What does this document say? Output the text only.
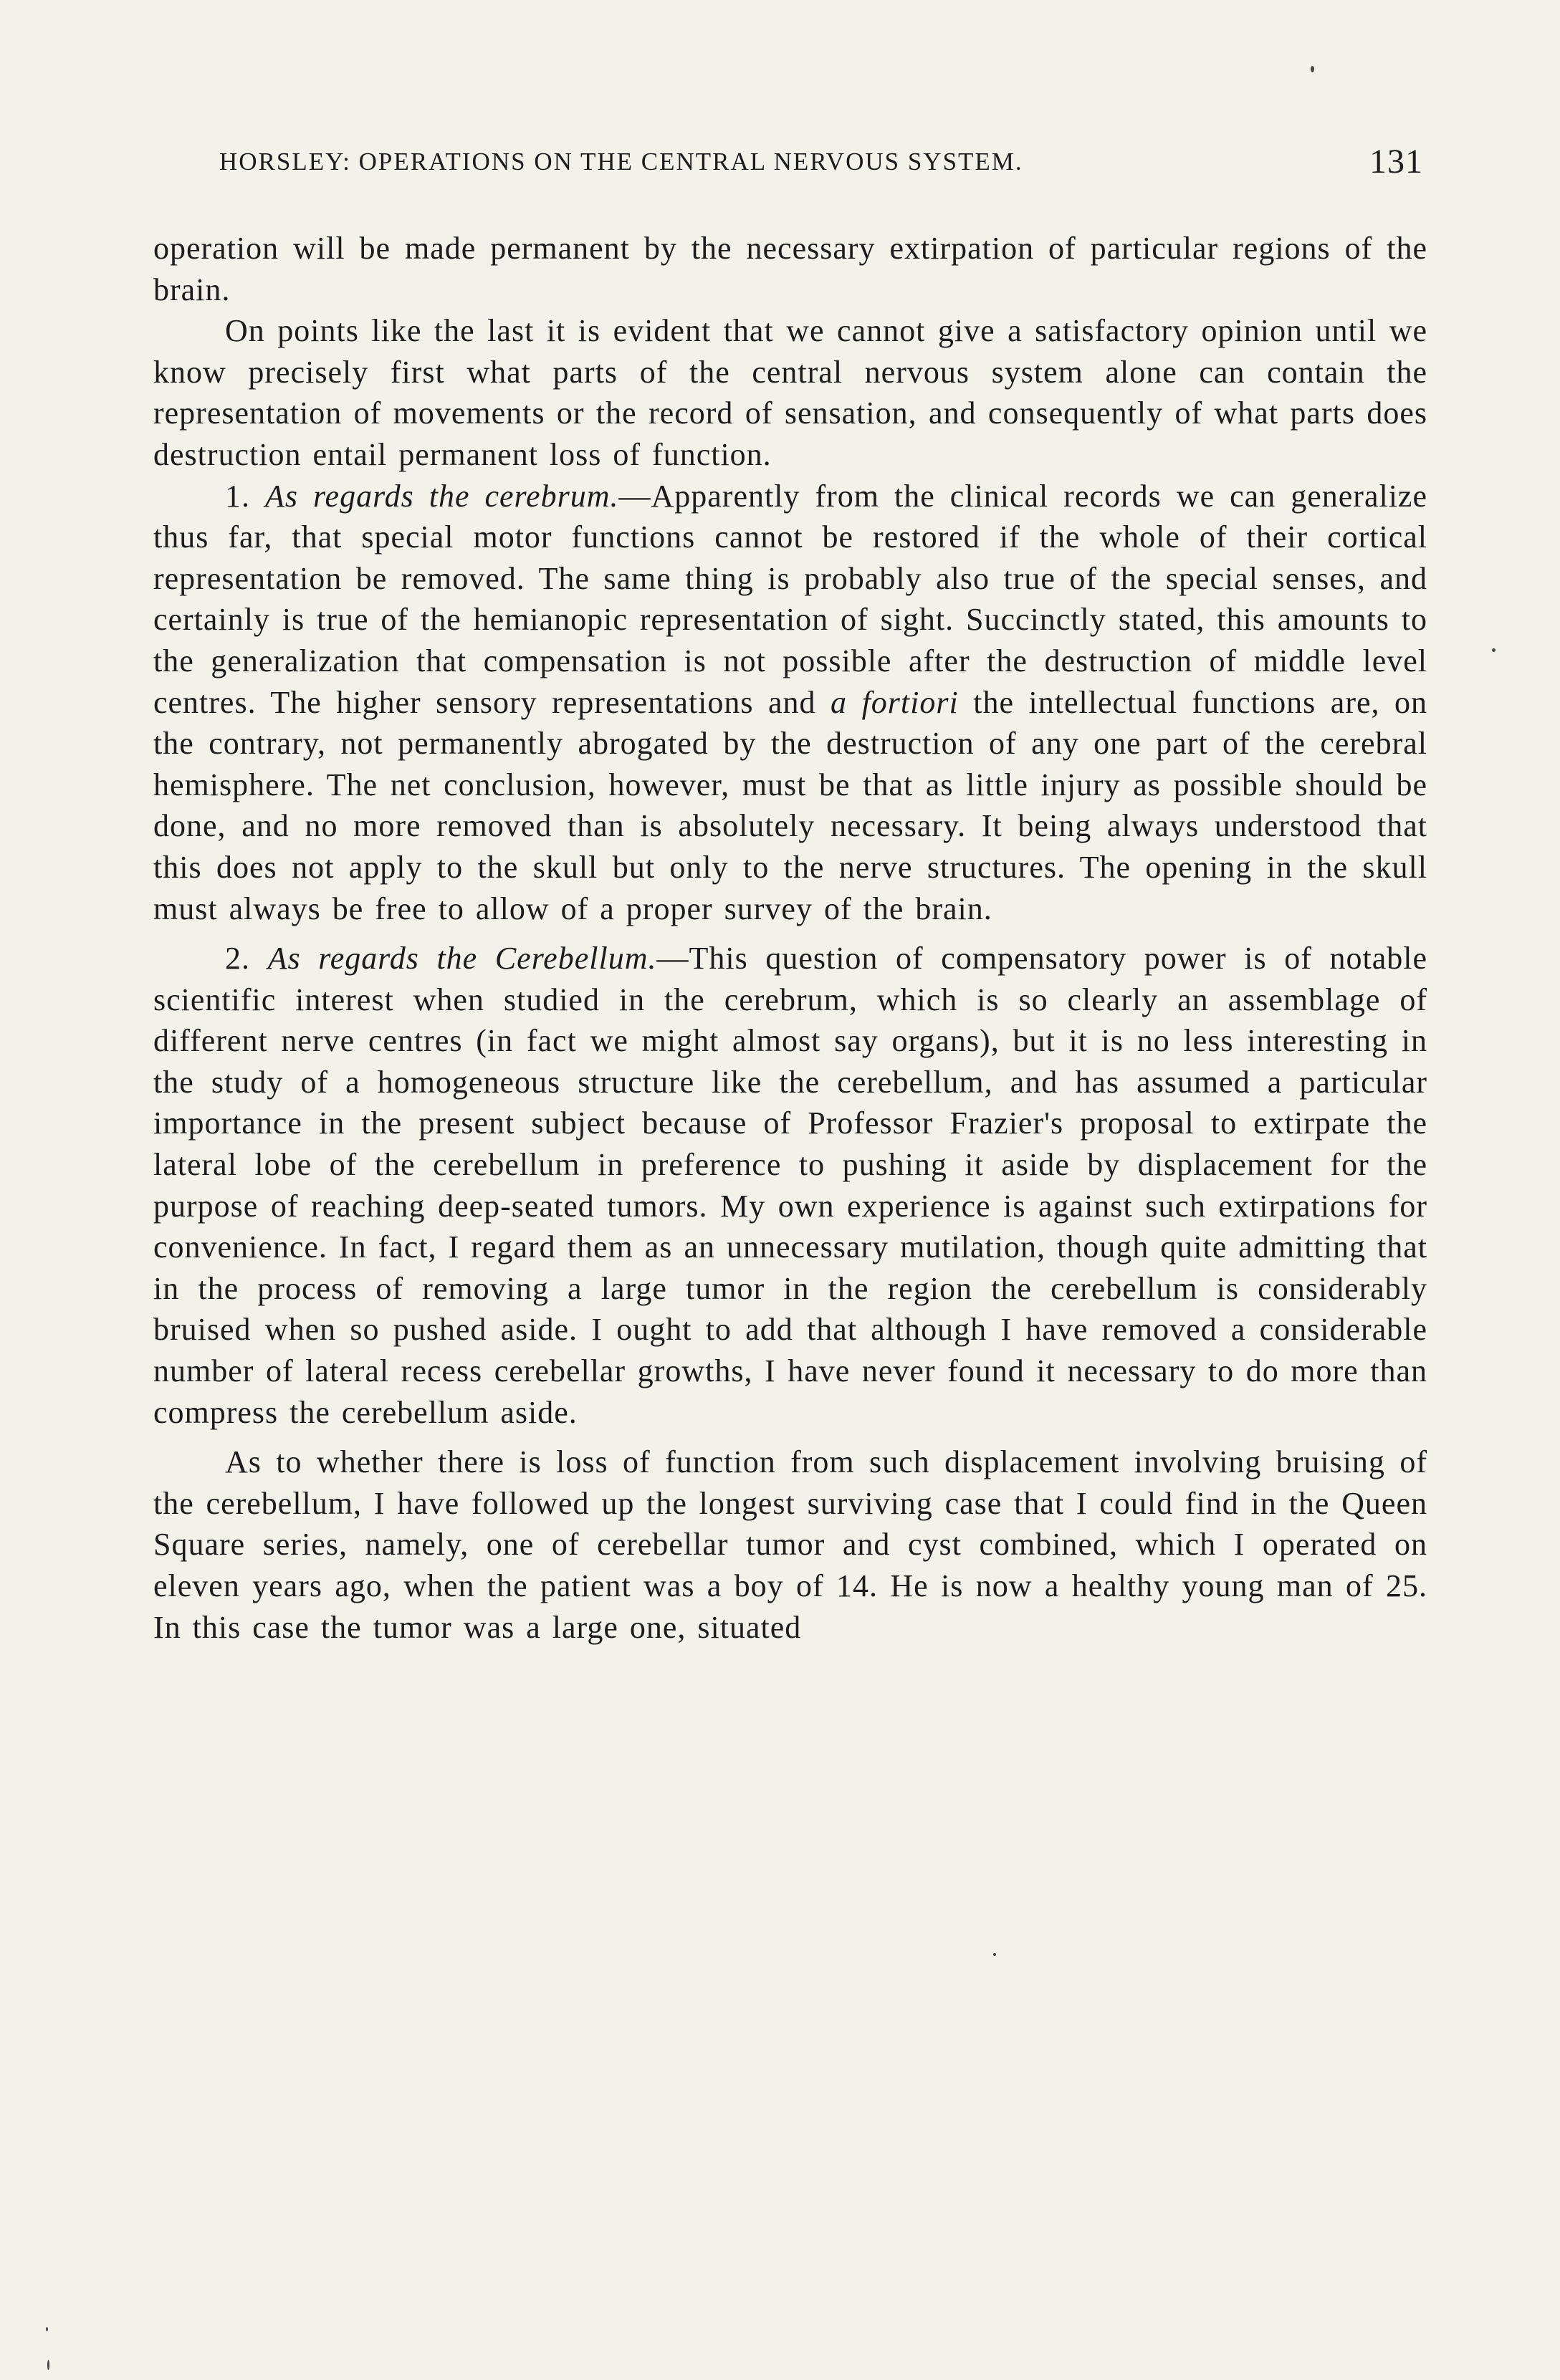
HORSLEY: OPERATIONS ON THE CENTRAL NERVOUS SYSTEM.	131

operation will be made permanent by the necessary extirpation of particular regions of the brain.

On points like the last it is evident that we cannot give a satisfactory opinion until we know precisely first what parts of the central nervous system alone can contain the representation of movements or the record of sensation, and consequently of what parts does destruction entail permanent loss of function.

1. As regards the cerebrum.—Apparently from the clinical records we can generalize thus far, that special motor functions cannot be restored if the whole of their cortical representation be removed. The same thing is probably also true of the special senses, and certainly is true of the hemianopic representation of sight. Succinctly stated, this amounts to the generalization that compensation is not possible after the destruction of middle level centres. The higher sensory representations and a fortiori the intellectual functions are, on the contrary, not permanently abrogated by the destruction of any one part of the cerebral hemisphere. The net conclusion, however, must be that as little injury as possible should be done, and no more removed than is absolutely necessary. It being always understood that this does not apply to the skull but only to the nerve structures. The opening in the skull must always be free to allow of a proper survey of the brain.

2. As regards the Cerebellum.—This question of compensatory power is of notable scientific interest when studied in the cerebrum, which is so clearly an assemblage of different nerve centres (in fact we might almost say organs), but it is no less interesting in the study of a homogeneous structure like the cerebellum, and has assumed a particular importance in the present subject because of Professor Frazier's proposal to extirpate the lateral lobe of the cerebellum in preference to pushing it aside by displacement for the purpose of reaching deep-seated tumors. My own experience is against such extirpations for convenience. In fact, I regard them as an unnecessary mutilation, though quite admitting that in the process of removing a large tumor in the region the cerebellum is considerably bruised when so pushed aside. I ought to add that although I have removed a considerable number of lateral recess cerebellar growths, I have never found it necessary to do more than compress the cerebellum aside.

As to whether there is loss of function from such displacement involving bruising of the cerebellum, I have followed up the longest surviving case that I could find in the Queen Square series, namely, one of cerebellar tumor and cyst combined, which I operated on eleven years ago, when the patient was a boy of 14. He is now a healthy young man of 25. In this case the tumor was a large one, situated
